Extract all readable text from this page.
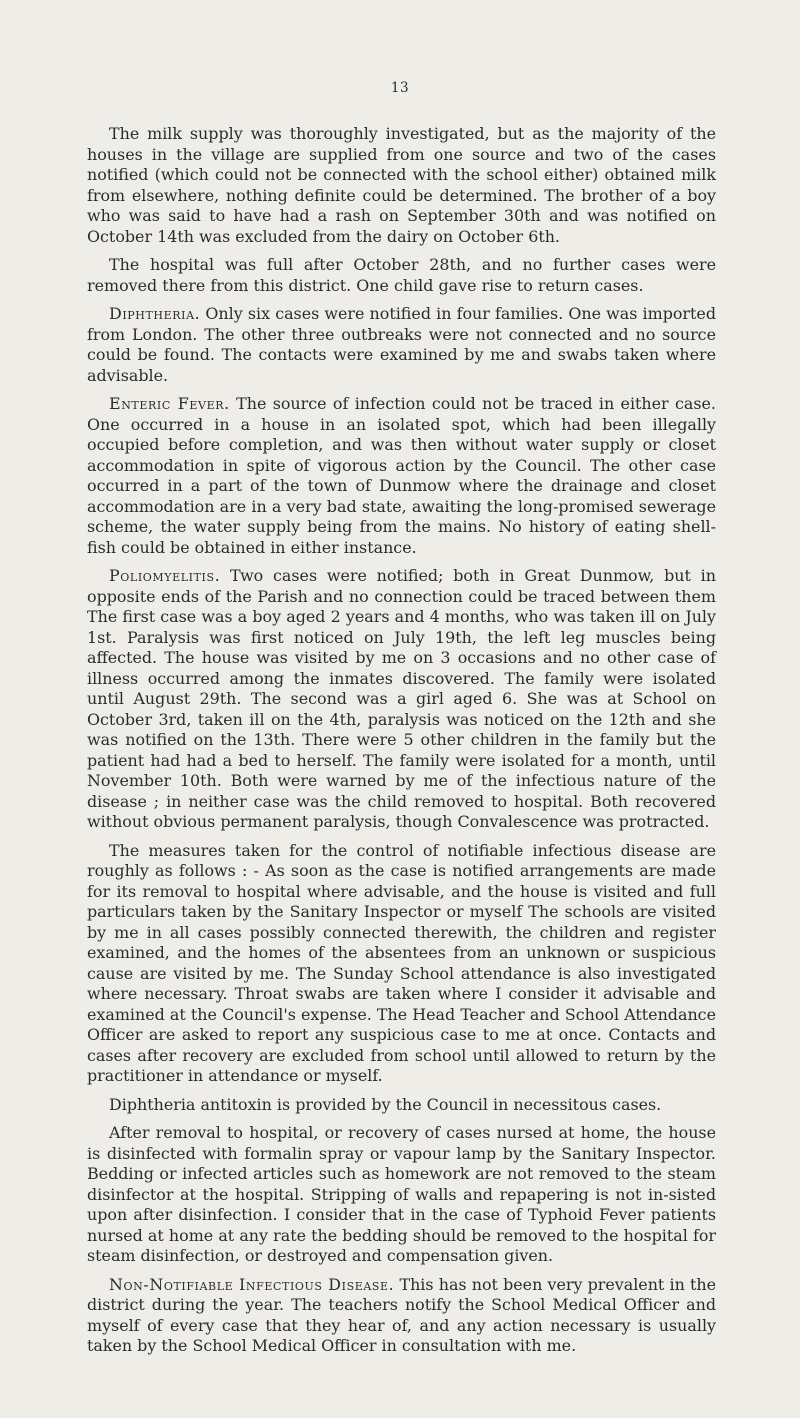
13

The milk supply was thoroughly investigated, but as the majority of the houses in the village are supplied from one source and two of the cases notified (which could not be connected with the school either) obtained milk from elsewhere, nothing definite could be determined. The brother of a boy who was said to have had a rash on September 30th and was notified on October 14th was excluded from the dairy on October 6th.

The hospital was full after October 28th, and no further cases were removed there from this district. One child gave rise to return cases.

Diphtheria. Only six cases were notified in four families. One was imported from London. The other three outbreaks were not connected and no source could be found. The contacts were examined by me and swabs taken where advisable.

Enteric Fever. The source of infection could not be traced in either case. One occurred in a house in an isolated spot, which had been illegally occupied before completion, and was then without water supply or closet accommodation in spite of vigorous action by the Council. The other case occurred in a part of the town of Dunmow where the drainage and closet accommodation are in a very bad state, awaiting the long-promised sewerage scheme, the water supply being from the mains. No history of eating shell-fish could be obtained in either instance.

Poliomyelitis. Two cases were notified; both in Great Dunmow, but in opposite ends of the Parish and no connection could be traced between them The first case was a boy aged 2 years and 4 months, who was taken ill on July 1st. Paralysis was first noticed on July 19th, the left leg muscles being affected. The house was visited by me on 3 occasions and no other case of illness occurred among the inmates discovered. The family were isolated until August 29th. The second was a girl aged 6. She was at School on October 3rd, taken ill on the 4th, paralysis was noticed on the 12th and she was notified on the 13th. There were 5 other children in the family but the patient had had a bed to herself. The family were isolated for a month, until November 10th. Both were warned by me of the infectious nature of the disease ; in neither case was the child removed to hospital. Both recovered without obvious permanent paralysis, though Convalescence was protracted.

The measures taken for the control of notifiable infectious disease are roughly as follows : - As soon as the case is notified arrangements are made for its removal to hospital where advisable, and the house is visited and full particulars taken by the Sanitary Inspector or myself The schools are visited by me in all cases possibly connected therewith, the children and register examined, and the homes of the absentees from an unknown or suspicious cause are visited by me. The Sunday School attendance is also investigated where necessary. Throat swabs are taken where I consider it advisable and examined at the Council's expense. The Head Teacher and School Attendance Officer are asked to report any suspicious case to me at once. Contacts and cases after recovery are excluded from school until allowed to return by the practitioner in attendance or myself.

Diphtheria antitoxin is provided by the Council in necessitous cases.

After removal to hospital, or recovery of cases nursed at home, the house is disinfected with formalin spray or vapour lamp by the Sanitary Inspector. Bedding or infected articles such as homework are not removed to the steam disinfector at the hospital. Stripping of walls and repapering is not in-sisted upon after disinfection. I consider that in the case of Typhoid Fever patients nursed at home at any rate the bedding should be removed to the hospital for steam disinfection, or destroyed and compensation given.

Non-Notifiable Infectious Disease. This has not been very prevalent in the district during the year. The teachers notify the School Medical Officer and myself of every case that they hear of, and any action necessary is usually taken by the School Medical Officer in consultation with me.
